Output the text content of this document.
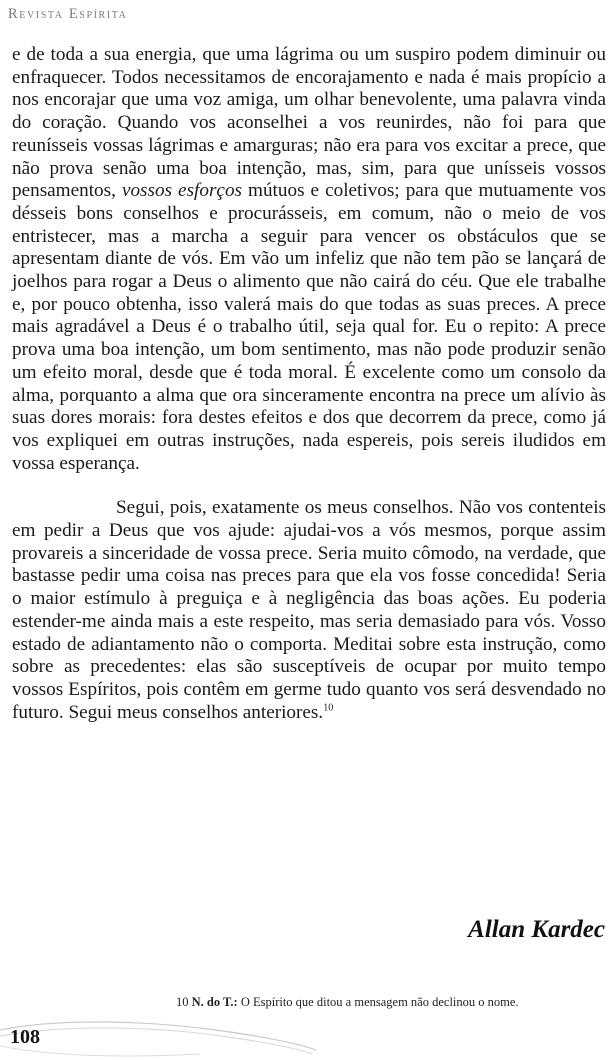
Revista Espírita

e de toda a sua energia, que uma lágrima ou um suspiro podem diminuir ou enfraquecer. Todos necessitamos de encorajamento e nada é mais propício a nos encorajar que uma voz amiga, um olhar benevolente, uma palavra vinda do coração. Quando vos aconselhei a vos reunirdes, não foi para que reunísseis vossas lágrimas e amarguras; não era para vos excitar a prece, que não prova senão uma boa intenção, mas, sim, para que unísseis vossos pensamentos, vossos esforços mútuos e coletivos; para que mutuamente vos désseis bons conselhos e procurásseis, em comum, não o meio de vos entristecer, mas a marcha a seguir para vencer os obstáculos que se apresentam diante de vós. Em vão um infeliz que não tem pão se lançará de joelhos para rogar a Deus o alimento que não cairá do céu. Que ele trabalhe e, por pouco obtenha, isso valerá mais do que todas as suas preces. A prece mais agradável a Deus é o trabalho útil, seja qual for. Eu o repito: A prece prova uma boa intenção, um bom sentimento, mas não pode produzir senão um efeito moral, desde que é toda moral. É excelente como um consolo da alma, porquanto a alma que ora sinceramente encontra na prece um alívio às suas dores morais: fora destes efeitos e dos que decorrem da prece, como já vos expliquei em outras instruções, nada espereis, pois sereis iludidos em vossa esperança.

Segui, pois, exatamente os meus conselhos. Não vos contenteis em pedir a Deus que vos ajude: ajudai-vos a vós mesmos, porque assim provareis a sinceridade de vossa prece. Seria muito cômodo, na verdade, que bastasse pedir uma coisa nas preces para que ela vos fosse concedida! Seria o maior estímulo à preguiça e à negligência das boas ações. Eu poderia estender-me ainda mais a este respeito, mas seria demasiado para vós. Vosso estado de adiantamento não o comporta. Meditai sobre esta instrução, como sobre as precedentes: elas são susceptíveis de ocupar por muito tempo vossos Espíritos, pois contêm em germe tudo quanto vos será desvendado no futuro. Segui meus conselhos anteriores.$^{10}$

Allan Kardec
10 N. do T.: O Espírito que ditou a mensagem não declinou o nome.
108
